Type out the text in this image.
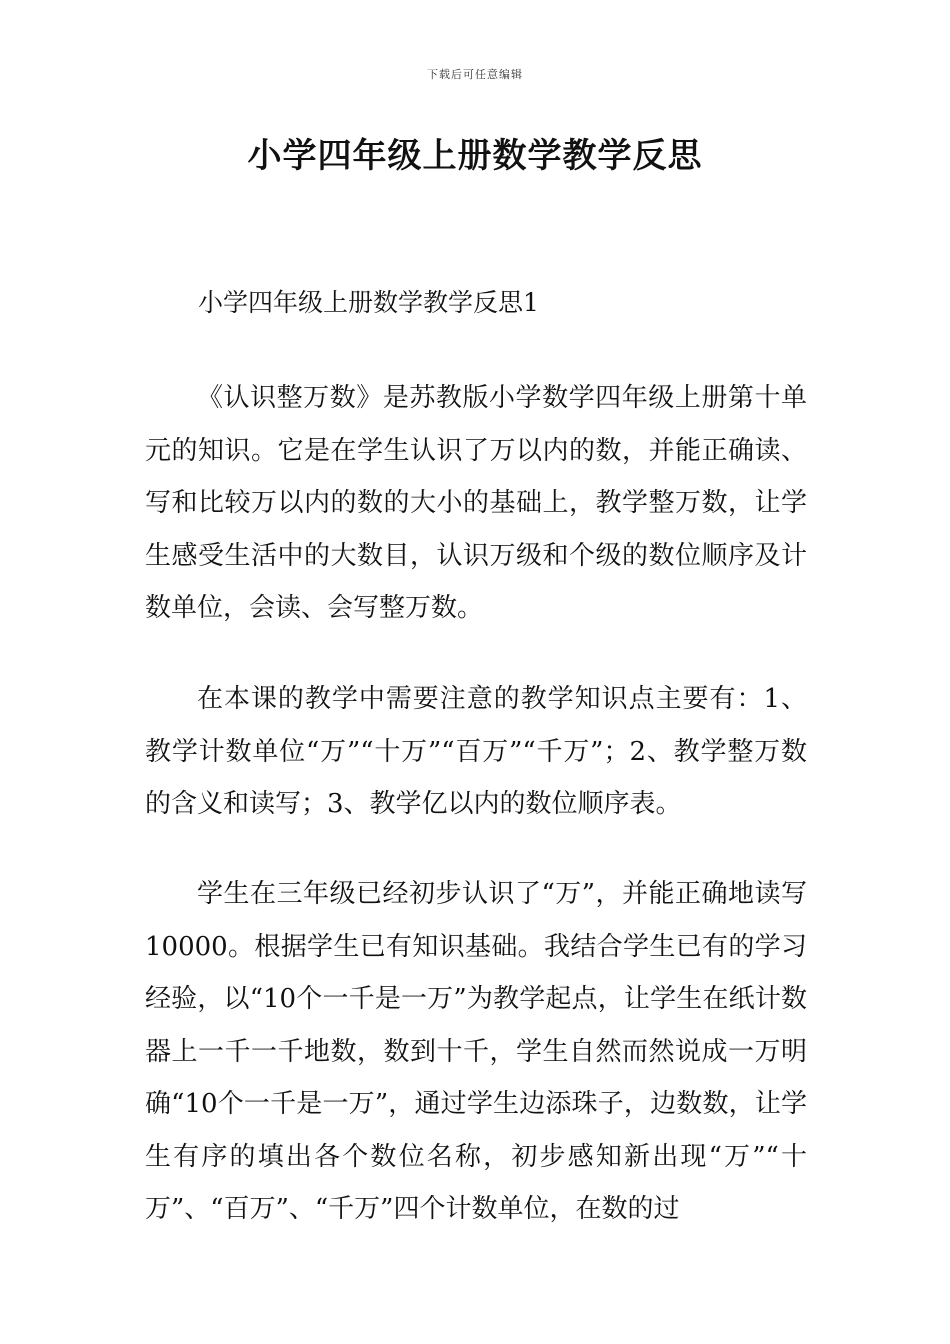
下载后可任意编辑
小学四年级上册数学教学反思
小学四年级上册数学教学反思1

《认识整万数》是苏教版小学数学四年级上册第十单元的知识。它是在学生认识了万以内的数，并能正确读、写和比较万以内的数的大小的基础上，教学整万数，让学生感受生活中的大数目，认识万级和个级的数位顺序及计数单位，会读、会写整万数。

在本课的教学中需要注意的教学知识点主要有：1、教学计数单位“万”“十万”“百万”“千万”；2、教学整万数的含义和读写；3、教学亿以内的数位顺序表。

学生在三年级已经初步认识了“万”，并能正确地读写10000。根据学生已有知识基础。我结合学生已有的学习经验，以“10个一千是一万”为教学起点，让学生在纸计数器上一千一千地数，数到十千，学生自然而然说成一万明确“10个一千是一万”，通过学生边添珠子，边数数，让学生有序的填出各个数位名称，初步感知新出现“万”“十万”、“百万”、“千万”四个计数单位，在数的过
